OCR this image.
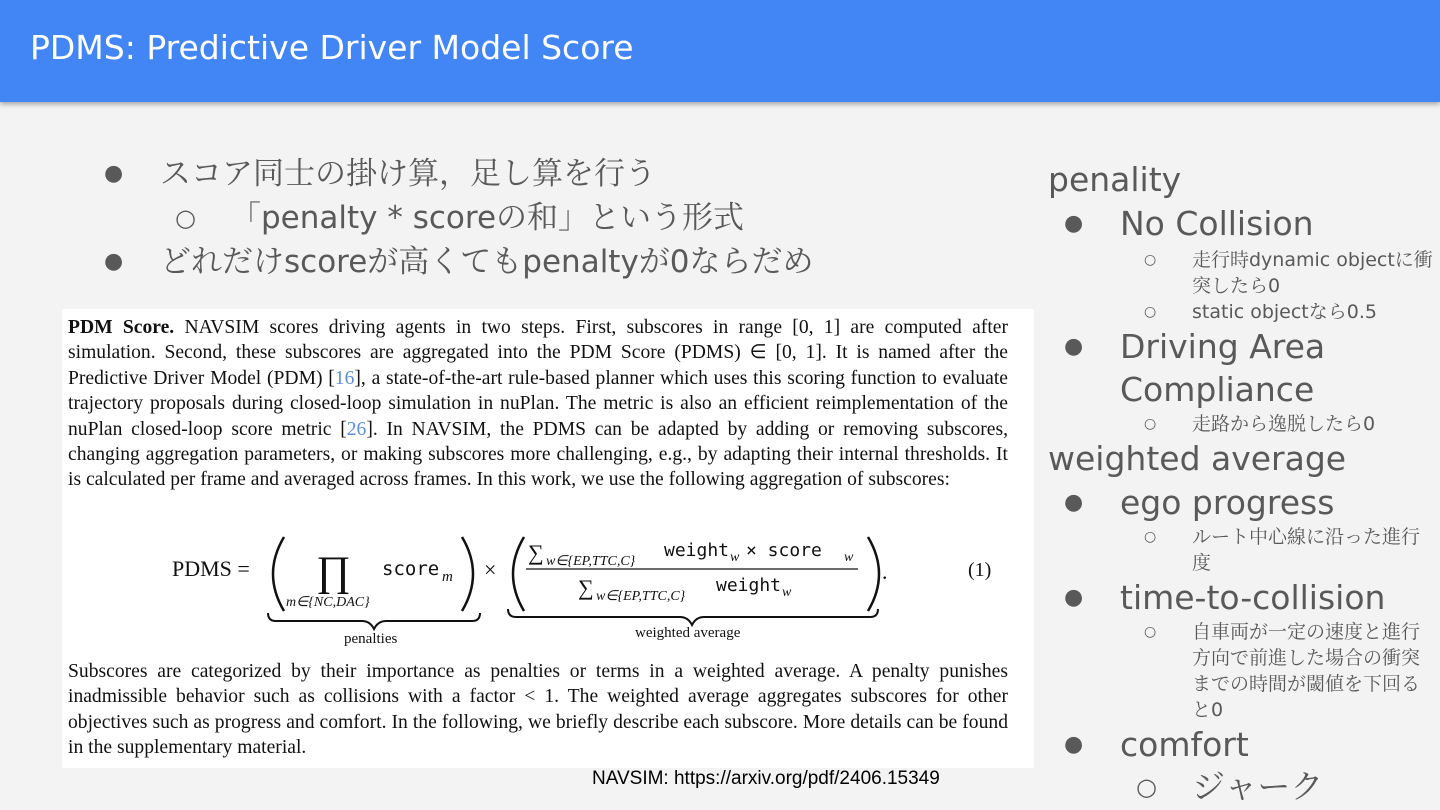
PDMS: Predictive Driver Model Score
● スコア同士の掛け算，足し算を行う
○ 「penalty * scoreの和」という形式
● どれだけscoreが高くてもpenaltyが0ならだめ
PDM Score. NAVSIM scores driving agents in two steps. First, subscores in range [0, 1] are computed after simulation. Second, these subscores are aggregated into the PDM Score (PDMS) ∈ [0, 1]. It is named after the Predictive Driver Model (PDM) [16], a state-of-the-art rule-based planner which uses this scoring function to evaluate trajectory proposals during closed-loop simulation in nuPlan. The metric is also an efficient reimplementation of the nuPlan closed-loop score metric [26]. In NAVSIM, the PDMS can be adapted by adding or removing subscores, changing aggregation parameters, or making subscores more challenging, e.g., by adapting their internal thresholds. It is calculated per frame and averaged across frames. In this work, we use the following aggregation of subscores:
PDMS = ∏
m∈{NC,DAC}
score m ×
∑ w∈{EP,TTC,C}
weight w × score w
∑ w∈{EP,TTC,C}
weight w
.	(1)
penalties	weighted average
Subscores are categorized by their importance as penalties or terms in a weighted average. A penalty punishes inadmissible behavior such as collisions with a factor < 1. The weighted average aggregates subscores for other objectives such as progress and comfort. In the following, we briefly describe each subscore. More details can be found in the supplementary material.
NAVSIM: https://arxiv.org/pdf/2406.15349
penality
● No Collision
○ 走行時dynamic objectに衝突したら0
○ static objectなら0.5
● Driving Area Compliance
○ 走路から逸脱したら0
weighted average
● ego progress
○ ルート中心線に沿った進行度
● time-to-collision
○ 自車両が一定の速度と進行方向で前進した場合の衝突までの時間が閾値を下回ると0
● comfort
○ ジャーク
